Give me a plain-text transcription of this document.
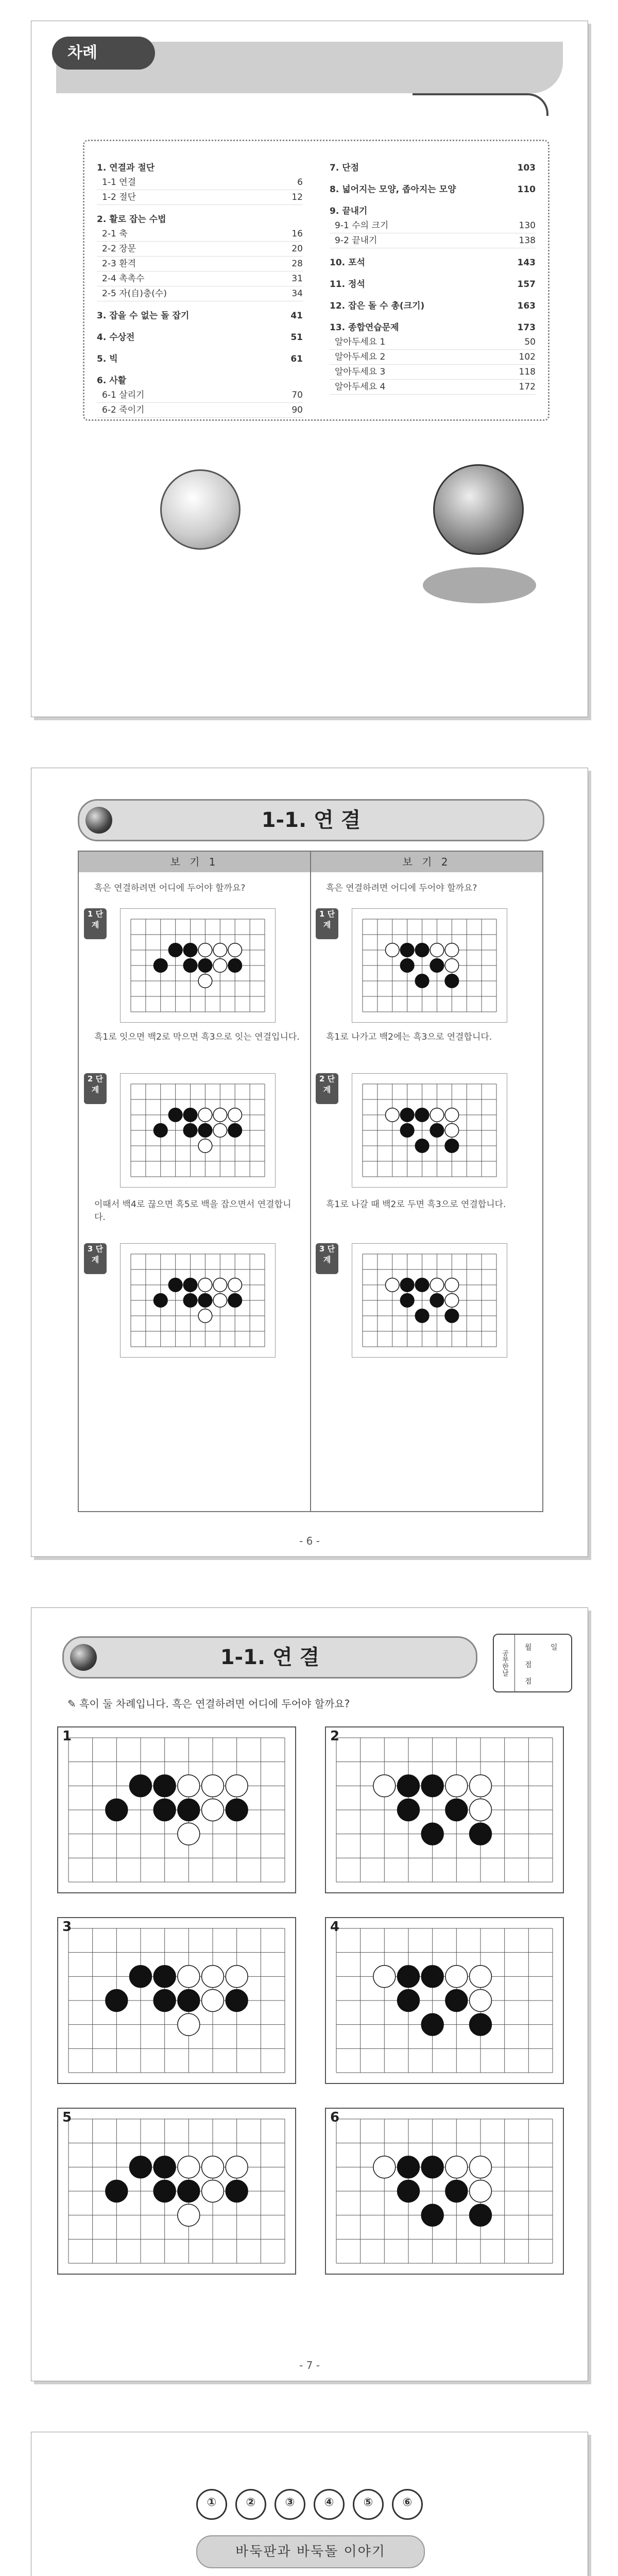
차례
1. 연결과 절단
1-1 연결	6
1-2 절단	12
2. 활로 잡는 수법
2-1 축	16
2-2 장문	20
2-3 환격	28
2-4 촉촉수	31
2-5 자(自)충(수)	34
3. 잡을 수 없는 돌 잡기	41
4. 수상전	51
5. 빅	61
6. 사활
6-1 살리기	70
6-2 죽이기	90
7. 단점	103
8. 넓어지는 모양, 좁아지는 모양	110
9. 끝내기
9-1 수의 크기	130
9-2 끝내기	138
10. 포석	143
11. 정석	157
12. 잡은 돌 수 총(크기)	163
13. 종합연습문제	173
알아두세요 1	50
알아두세요 2	102
알아두세요 3	118
알아두세요 4	172
1-1. 연 결
보 기 1	보 기 2
흑은 연결하려면 어디에 두어야 할까요?	흑은 연결하려면 어디에 두어야 할까요?
1 단계
1 단계
흑1로 잇으면 백2로 막으면 흑3으로 잇는 연결입니다.	흑1로 나가고 백2에는 흑3으로 연결합니다.
2 단계
2 단계
이때서 백4로 끊으면 흑5로 백을 잡으면서 연결합니다.
흑1로 나갈 때 백2로 두면 흑3으로 연결합니다.
3 단계
3 단계
- 6 -
1-1. 연 결	공부한날
월	일
점
점
✎ 흑이 둘 차례입니다. 흑은 연결하려면 어디에 두어야 할까요?
1	2
3	4
5	6
- 7 -
①	②	③	④	⑤	⑥
바둑판과 바둑돌 이야기
